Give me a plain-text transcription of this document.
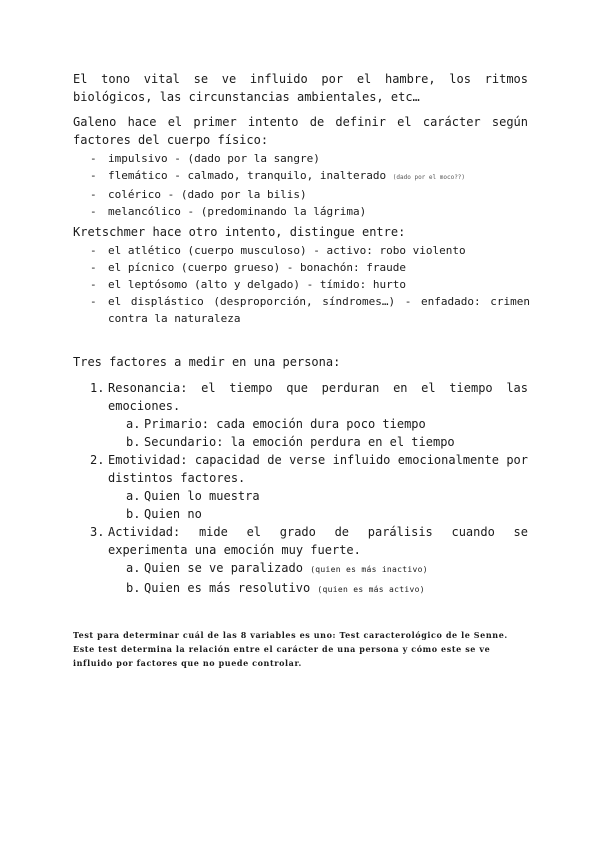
El tono vital se ve influido por el hambre, los ritmos biológicos, las circunstancias ambientales, etc…

Galeno hace el primer intento de definir el carácter según factores del cuerpo físico:

- impulsivo - (dado por la sangre)
- flemático - calmado, tranquilo, inalterado (dado por el moco??)
- colérico - (dado por la bilis)
- melancólico - (predominando la lágrima)

Kretschmer hace otro intento, distingue entre:

- el atlético (cuerpo musculoso) - activo: robo violento
- el pícnico (cuerpo grueso) - bonachón: fraude
- el leptósomo (alto y delgado) - tímido: hurto
- el displástico (desproporción, síndromes…) - enfadado: crimen contra la naturaleza

Tres factores a medir en una persona:

1. Resonancia: el tiempo que perduran en el tiempo las emociones.
a. Primario: cada emoción dura poco tiempo
b. Secundario: la emoción perdura en el tiempo
2. Emotividad: capacidad de verse influido emocionalmente por distintos factores.
a. Quien lo muestra
b. Quien no
3. Actividad: mide el grado de parálisis cuando se experimenta una emoción muy fuerte.
a. Quien se ve paralizado (quien es más inactivo)
b. Quien es más resolutivo (quien es más activo)
Test para determinar cuál de las 8 variables es uno: Test caracterológico de le Senne.
Este test determina la relación entre el carácter de una persona y cómo este se ve influido por factores que no puede controlar.
